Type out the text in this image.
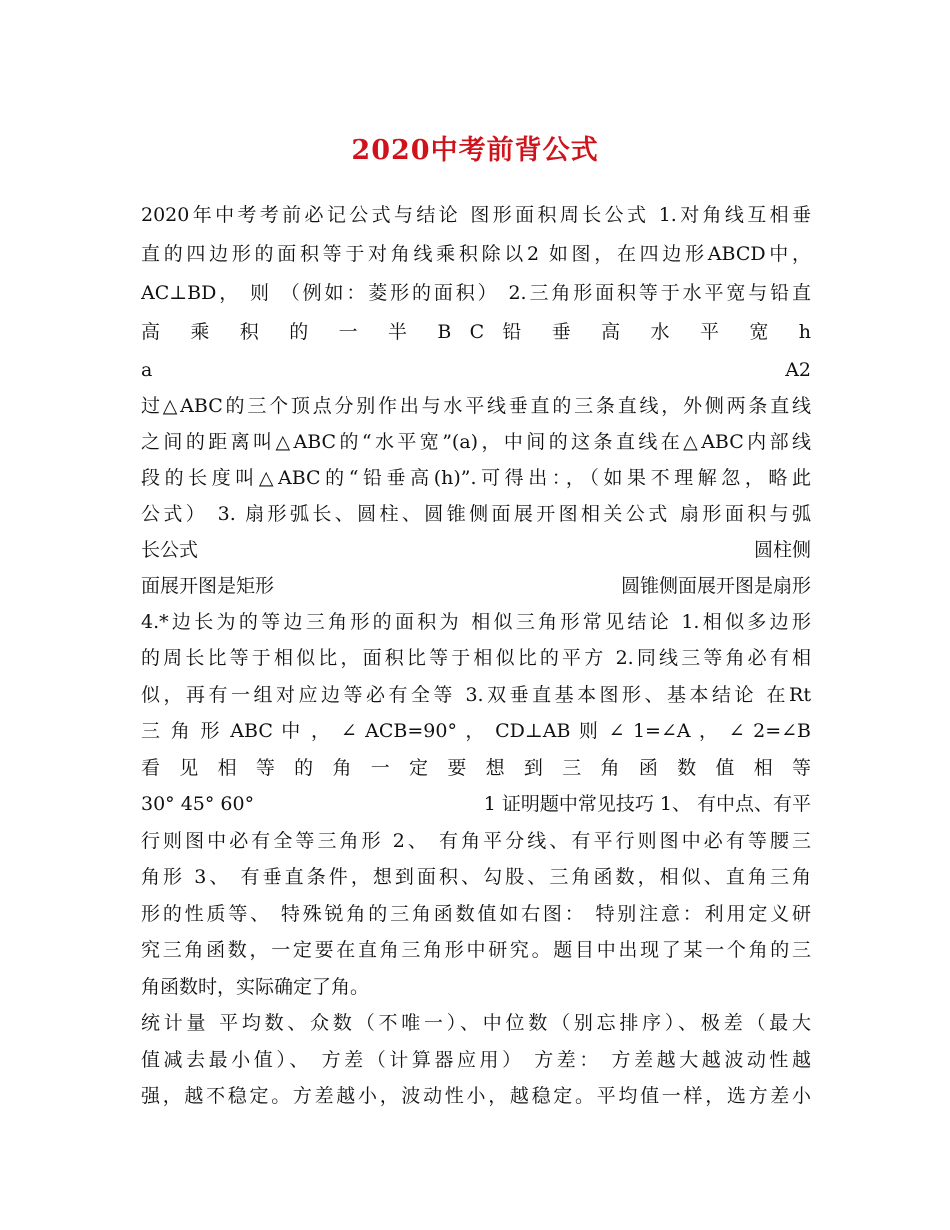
2020中考前背公式
2020年中考考前必记公式与结论 图形面积周长公式 1.对角线互相垂
直的四边形的面积等于对角线乘积除以2 如图，在四边形ABCD中，
AC⊥BD， 则 （例如：菱形的面积） 2.三角形面积等于水平宽与铅直
高 乘 积 的 一 半 B C 铅 垂 高 水 平 宽 h
a	A2
过△ABC的三个顶点分别作出与水平线垂直的三条直线，外侧两条直线
之间的距离叫△ABC的“水平宽”(a)，中间的这条直线在△ABC内部线
段的长度叫△ABC的“铅垂高(h)”.可得出：，（如果不理解忽，略此
公式） 3. 扇形弧长、圆柱、圆锥侧面展开图相关公式 扇形面积与弧
长公式	圆柱侧
面展开图是矩形	圆锥侧面展开图是扇形
4.*边长为的等边三角形的面积为 相似三角形常见结论 1.相似多边形
的周长比等于相似比，面积比等于相似比的平方 2.同线三等角必有相
似，再有一组对应边等必有全等 3.双垂直基本图形、基本结论 在Rt
三 角 形 ABC 中 ， ∠ ACB=90° ， CD⊥AB 则 ∠ 1=∠A ， ∠ 2=∠B
看 见 相 等 的 角 一 定 要 想 到 三 角 函 数 值 相 等
30° 45° 60°	1 证明题中常见技巧 1、 有中点、有平
行则图中必有全等三角形 2、 有角平分线、有平行则图中必有等腰三
角形 3、 有垂直条件，想到面积、勾股、三角函数，相似、直角三角
形的性质等、 特殊锐角的三角函数值如右图： 特别注意：利用定义研
究三角函数，一定要在直角三角形中研究。题目中出现了某一个角的三
角函数时，实际确定了角。
统计量 平均数、众数（不唯一）、中位数（别忘排序）、极差（最大
值减去最小值）、 方差（计算器应用） 方差： 方差越大越波动性越
强，越不稳定。方差越小，波动性小，越稳定。平均值一样，选方差小
